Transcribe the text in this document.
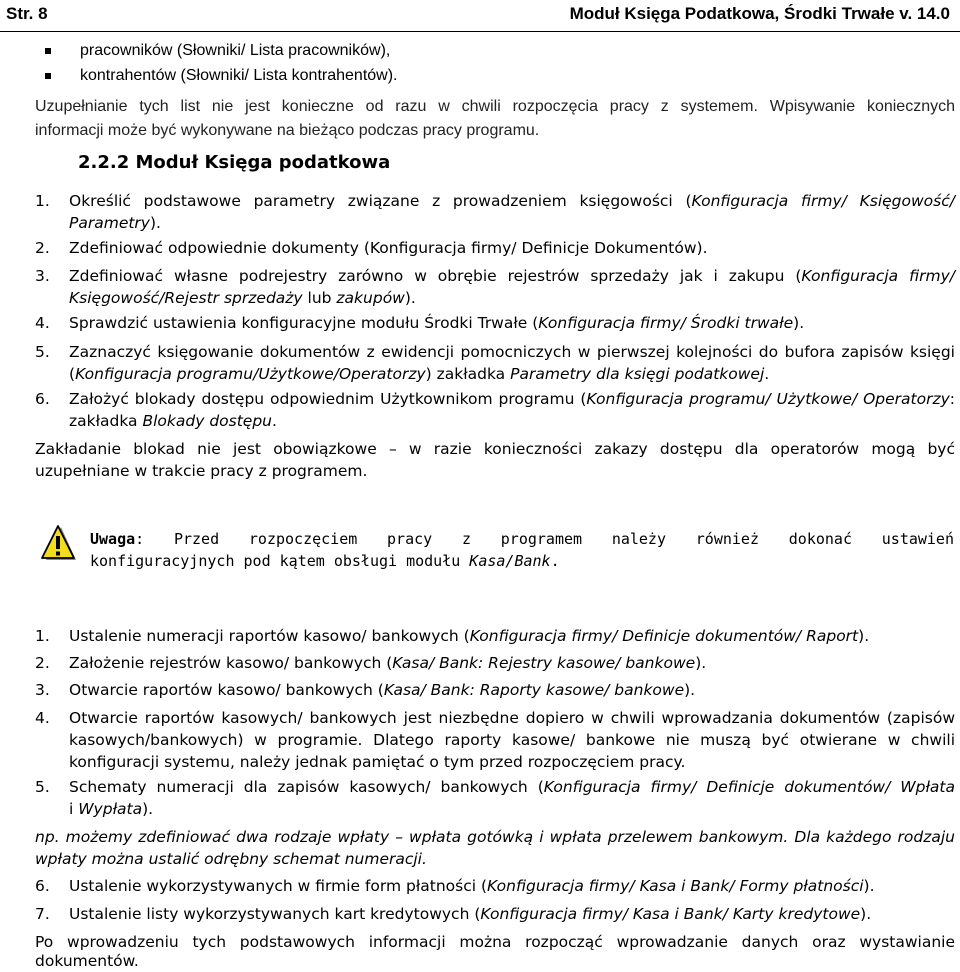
Str. 8	Moduł Księga Podatkowa, Środki Trwałe v. 14.0
pracowników (Słowniki/ Lista pracowników),
kontrahentów (Słowniki/ Lista kontrahentów).
Uzupełnianie tych list nie jest konieczne od razu w chwili rozpoczęcia pracy z systemem. Wpisywanie koniecznych
informacji może być wykonywane na bieżąco podczas pracy programu.
2.2.2 Moduł Księga podatkowa
1. Określić podstawowe parametry związane z prowadzeniem księgowości (Konfiguracja firmy/ Księgowość/
Parametry).
2. Zdefiniować odpowiednie dokumenty (Konfiguracja firmy/ Definicje Dokumentów).
3. Zdefiniować własne podrejestry zarówno w obrębie rejestrów sprzedaży jak i zakupu (Konfiguracja firmy/
Księgowość/Rejestr sprzedaży lub zakupów).
4. Sprawdzić ustawienia konfiguracyjne modułu Środki Trwałe (Konfiguracja firmy/ Środki trwałe).
5. Zaznaczyć księgowanie dokumentów z ewidencji pomocniczych w pierwszej kolejności do bufora zapisów księgi
(Konfiguracja programu/Użytkowe/Operatorzy) zakładka Parametry dla księgi podatkowej.
6. Założyć blokady dostępu odpowiednim Użytkownikom programu (Konfiguracja programu/ Użytkowe/ Operatorzy:
zakładka Blokady dostępu.
Zakładanie blokad nie jest obowiązkowe – w razie konieczności zakazy dostępu dla operatorów mogą być
uzupełniane w trakcie pracy z programem.
Uwaga: Przed rozpoczęciem pracy z programem należy również dokonać ustawień
konfiguracyjnych pod kątem obsługi modułu Kasa/Bank.
1. Ustalenie numeracji raportów kasowo/ bankowych (Konfiguracja firmy/ Definicje dokumentów/ Raport).
2. Założenie rejestrów kasowo/ bankowych (Kasa/ Bank: Rejestry kasowe/ bankowe).
3. Otwarcie raportów kasowo/ bankowych (Kasa/ Bank: Raporty kasowe/ bankowe).
4. Otwarcie raportów kasowych/ bankowych jest niezbędne dopiero w chwili wprowadzania dokumentów (zapisów
kasowych/bankowych) w programie. Dlatego raporty kasowe/ bankowe nie muszą być otwierane w chwili
konfiguracji systemu, należy jednak pamiętać o tym przed rozpoczęciem pracy.
5. Schematy numeracji dla zapisów kasowych/ bankowych (Konfiguracja firmy/ Definicje dokumentów/ Wpłata
i Wypłata).
np. możemy zdefiniować dwa rodzaje wpłaty – wpłata gotówką i wpłata przelewem bankowym. Dla każdego rodzaju
wpłaty można ustalić odrębny schemat numeracji.
6. Ustalenie wykorzystywanych w firmie form płatności (Konfiguracja firmy/ Kasa i Bank/ Formy płatności).
7. Ustalenie listy wykorzystywanych kart kredytowych (Konfiguracja firmy/ Kasa i Bank/ Karty kredytowe).
Po wprowadzeniu tych podstawowych informacji można rozpocząć wprowadzanie danych oraz wystawianie
dokumentów.
